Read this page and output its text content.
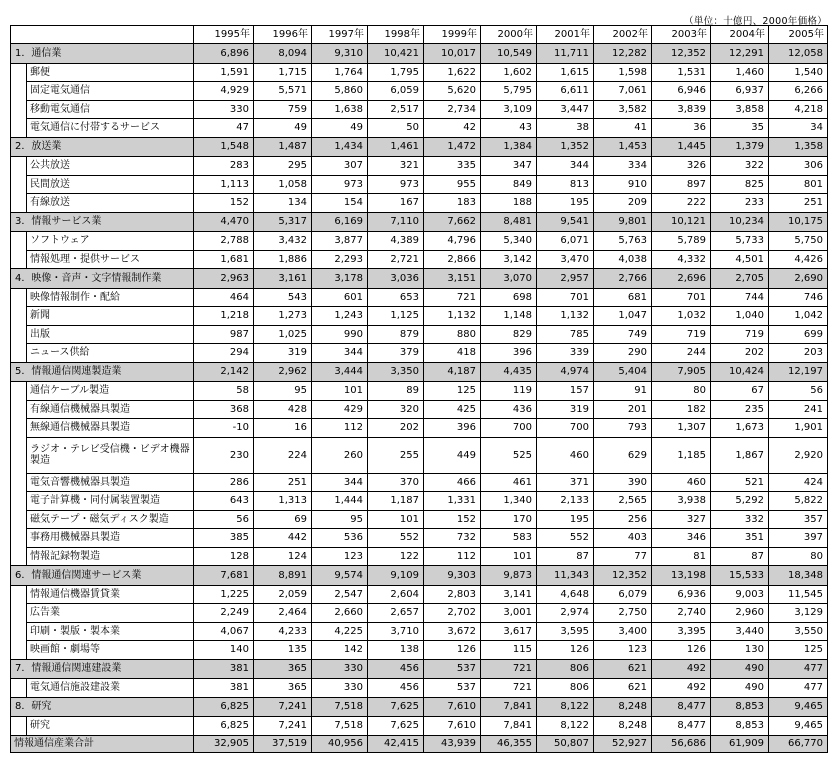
（単位：十億円、2000年価格）
		1995年	1996年	1997年	1998年	1999年	2000年	2001年	2002年	2003年	2004年	2005年
1．通信業		6,896	8,094	9,310	10,421	10,017	10,549	11,711	12,282	12,352	12,291	12,058
	郵便	1,591	1,715	1,764	1,795	1,622	1,602	1,615	1,598	1,531	1,460	1,540
	固定電気通信	4,929	5,571	5,860	6,059	5,620	5,795	6,611	7,061	6,946	6,937	6,266
	移動電気通信	330	759	1,638	2,517	2,734	3,109	3,447	3,582	3,839	3,858	4,218
	電気通信に付帯するサービス	47	49	49	50	42	43	38	41	36	35	34
2．放送業		1,548	1,487	1,434	1,461	1,472	1,384	1,352	1,453	1,445	1,379	1,358
	公共放送	283	295	307	321	335	347	344	334	326	322	306
	民間放送	1,113	1,058	973	973	955	849	813	910	897	825	801
	有線放送	152	134	154	167	183	188	195	209	222	233	251
3．情報サービス業		4,470	5,317	6,169	7,110	7,662	8,481	9,541	9,801	10,121	10,234	10,175
	ソフトウェア	2,788	3,432	3,877	4,389	4,796	5,340	6,071	5,763	5,789	5,733	5,750
	情報処理・提供サービス	1,681	1,886	2,293	2,721	2,866	3,142	3,470	4,038	4,332	4,501	4,426
4．映像・音声・文字情報制作業		2,963	3,161	3,178	3,036	3,151	3,070	2,957	2,766	2,696	2,705	2,690
	映像情報制作・配給	464	543	601	653	721	698	701	681	701	744	746
	新聞	1,218	1,273	1,243	1,125	1,132	1,148	1,132	1,047	1,032	1,040	1,042
	出版	987	1,025	990	879	880	829	785	749	719	719	699
	ニュース供給	294	319	344	379	418	396	339	290	244	202	203
5．情報通信関連製造業		2,142	2,962	3,444	3,350	4,187	4,435	4,974	5,404	7,905	10,424	12,197
	通信ケーブル製造	58	95	101	89	125	119	157	91	80	67	56
	有線通信機械器具製造	368	428	429	320	425	436	319	201	182	235	241
	無線通信機械器具製造	-10	16	112	202	396	700	700	793	1,307	1,673	1,901
	ラジオ・テレビ受信機・ビデオ機器製造	230	224	260	255	449	525	460	629	1,185	1,867	2,920
	電気音響機械器具製造	286	251	344	370	466	461	371	390	460	521	424
	電子計算機・同付属装置製造	643	1,313	1,444	1,187	1,331	1,340	2,133	2,565	3,938	5,292	5,822
	磁気テープ・磁気ディスク製造	56	69	95	101	152	170	195	256	327	332	357
	事務用機械器具製造	385	442	536	552	732	583	552	403	346	351	397
	情報記録物製造	128	124	123	122	112	101	87	77	81	87	80
6．情報通信関連サービス業		7,681	8,891	9,574	9,109	9,303	9,873	11,343	12,352	13,198	15,533	18,348
	情報通信機器賃貸業	1,225	2,059	2,547	2,604	2,803	3,141	4,648	6,079	6,936	9,003	11,545
	広告業	2,249	2,464	2,660	2,657	2,702	3,001	2,974	2,750	2,740	2,960	3,129
	印刷・製版・製本業	4,067	4,233	4,225	3,710	3,672	3,617	3,595	3,400	3,395	3,440	3,550
	映画館・劇場等	140	135	142	138	126	115	126	123	126	130	125
7．情報通信関連建設業		381	365	330	456	537	721	806	621	492	490	477
	電気通信施設建設業	381	365	330	456	537	721	806	621	492	490	477
8．研究		6,825	7,241	7,518	7,625	7,610	7,841	8,122	8,248	8,477	8,853	9,465
	研究	6,825	7,241	7,518	7,625	7,610	7,841	8,122	8,248	8,477	8,853	9,465
情報通信産業合計		32,905	37,519	40,956	42,415	43,939	46,355	50,807	52,927	56,686	61,909	66,770
